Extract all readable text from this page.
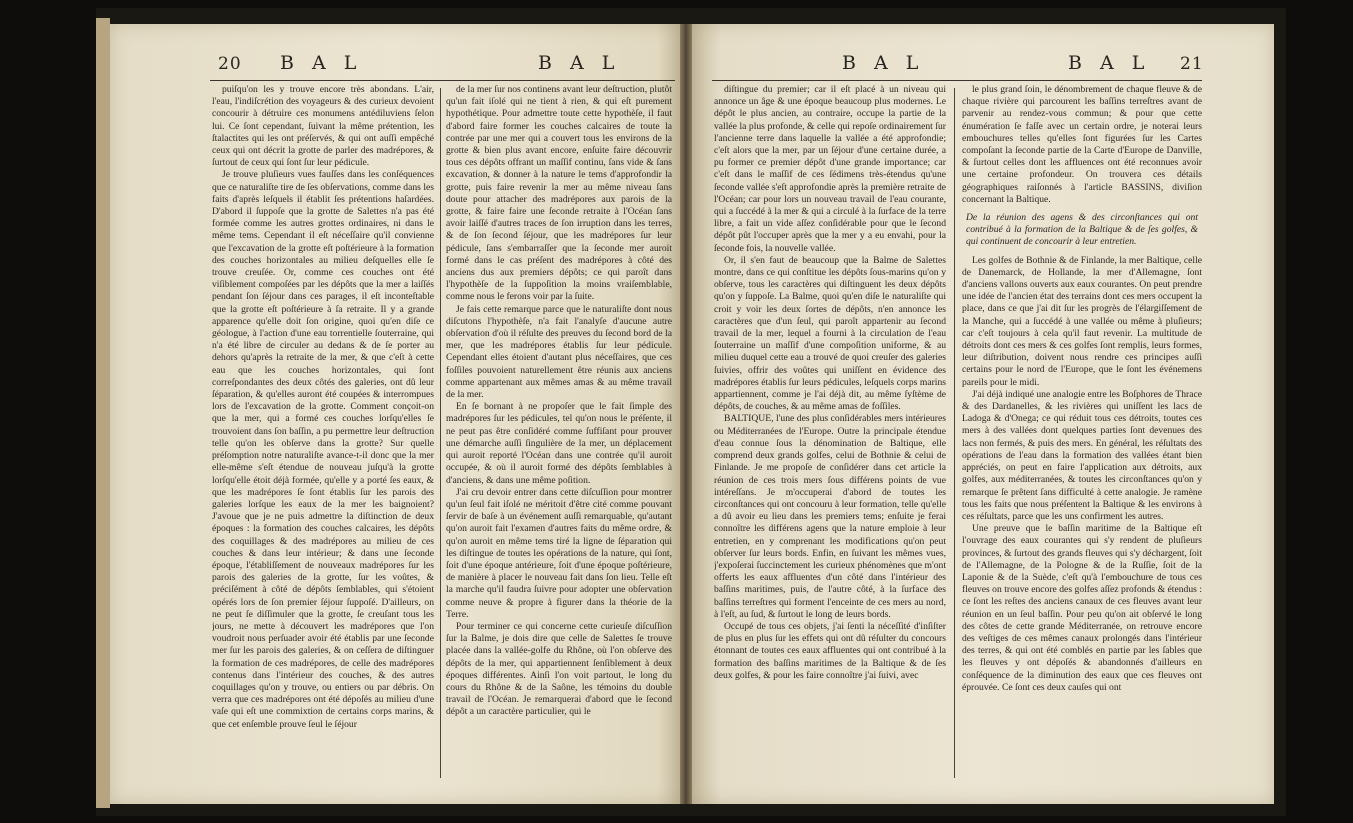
20 B A L	B A L

puiſqu'on les y trouve encore très abondans. L'air, l'eau, l'indiſcrétion des voyageurs & des curieux devoient concourir à détruire ces monumens antédiluviens ſelon lui. Ce ſont cependant, ſuivant la même prétention, les ſtalactites qui les ont préſervés, & qui ont auſſi empêché ceux qui ont décrit la grotte de parler des madrépores, & ſurtout de ceux qui ſont ſur leur pédicule.

Je trouve pluſieurs vues fauſſes dans les conſéquences que ce naturaliſte tire de ſes obſervations, comme dans les faits d'après leſquels il établit ſes prétentions haſardées. D'abord il ſuppoſe que la grotte de Salettes n'a pas été formée comme les autres grottes ordinaires, ni dans le même tems. Cependant il eſt néceſſaire qu'il convienne que l'excavation de la grotte eſt poſtérieure à la formation des couches horizontales au milieu deſquelles elle ſe trouve creuſée. Or, comme ces couches ont été viſiblement compoſées par les dépôts que la mer a laiſſés pendant ſon ſéjour dans ces parages, il eſt inconteſtable que la grotte eſt poſtérieure à ſa retraite. Il y a grande apparence qu'elle doit ſon origine, quoi qu'en diſe ce géologue, à l'action d'une eau torrentielle ſouterraine, qui n'a été libre de circuler au dedans & de ſe porter au dehors qu'après la retraite de la mer, & que c'eſt à cette eau que les couches horizontales, qui ſont correſpondantes des deux côtés des galeries, ont dû leur ſéparation, & qu'elles auront été coupées & interrompues lors de l'excavation de la grotte. Comment conçoit-on que la mer, qui a formé ces couches lorſqu'elles ſe trouvoient dans ſon baſſin, a pu permettre leur deſtruction telle qu'on les obſerve dans la grotte? Sur quelle préſomption notre naturaliſte avance-t-il donc que la mer elle-même s'eſt étendue de nouveau juſqu'à la grotte lorſqu'elle étoit déjà formée, qu'elle y a porté ſes eaux, & que les madrépores ſe ſont établis ſur les parois des galeries lorſque les eaux de la mer les baignoient? J'avoue que je ne puis admettre la diſtinction de deux époques : la formation des couches calcaires, les dépôts des coquillages & des madrépores au milieu de ces couches & dans leur intérieur; & dans une ſeconde époque, l'établiſſement de nouveaux madrépores ſur les parois des galeries de la grotte, ſur les voûtes, & préciſément à côté de dépôts ſemblables, qui s'étoient opérés lors de ſon premier ſéjour ſuppoſé. D'ailleurs, on ne peut ſe diſſimuler que la grotte, ſe creuſant tous les jours, ne mette à découvert les madrépores que l'on voudroit nous perſuader avoir été établis par une ſeconde mer ſur les parois des galeries, & on ceſſera de diſtinguer la formation de ces madrépores, de celle des madrépores contenus dans l'intérieur des couches, & des autres coquillages qu'on y trouve, ou entiers ou par débris. On verra que ces madrépores ont été dépoſés au milieu d'une vaſe qui eſt une commixtion de certains corps marins, & que cet enſemble prouve ſeul le ſéjour

de la mer ſur nos continens avant leur deſtruction, plutôt qu'un fait iſolé qui ne tient à rien, & qui eſt purement hypothétique. Pour admettre toute cette hypothèſe, il faut d'abord faire former les couches calcaires de toute la contrée par une mer qui a couvert tous les environs de la grotte & bien plus avant encore, enſuite faire découvrir tous ces dépôts offrant un maſſif continu, ſans vide & ſans excavation, & donner à la nature le tems d'approfondir la grotte, puis faire revenir la mer au même niveau ſans doute pour attacher des madrépores aux parois de la grotte, & faire faire une ſeconde retraite à l'Océan ſans avoir laiſſé d'autres traces de ſon irruption dans les terres, & de ſon ſecond ſéjour, que les madrépores ſur leur pédicule, ſans s'embarraſſer que la ſeconde mer auroit formé dans le cas préſent des madrépores à côté des anciens dus aux premiers dépôts; ce qui paroît dans l'hypothèſe de la ſuppoſition la moins vraiſemblable, comme nous le ferons voir par la ſuite.

Je fais cette remarque parce que le naturaliſte dont nous diſcutons l'hypothèſe, n'a fait l'analyſe d'aucune autre obſervation d'où il réſulte des preuves du ſecond bord de la mer, que les madrépores établis ſur leur pédicule. Cependant elles étoient d'autant plus néceſſaires, que ces foſſiles pouvoient naturellement être réunis aux anciens comme appartenant aux mêmes amas & au même travail de la mer.

En ſe bornant à ne propoſer que le fait ſimple des madrépores ſur les pédicules, tel qu'on nous le préſente, il ne peut pas être conſidéré comme ſuffiſant pour prouver une démarche auſſi ſingulière de la mer, un déplacement qui auroit reporté l'Océan dans une contrée qu'il auroit occupée, & où il auroit formé des dépôts ſemblables à d'anciens, & dans une même poſition.

J'ai cru devoir entrer dans cette diſcuſſion pour montrer qu'un ſeul fait iſolé ne méritoit d'être cité comme pouvant ſervir de baſe à un événement auſſi remarquable, qu'autant qu'on auroit fait l'examen d'autres faits du même ordre, & qu'on auroit en même tems tiré la ligne de ſéparation qui les diſtingue de toutes les opérations de la nature, qui ſont, ſoit d'une époque antérieure, ſoit d'une époque poſtérieure, de manière à placer le nouveau fait dans ſon lieu. Telle eſt la marche qu'il faudra ſuivre pour adopter une obſervation comme neuve & propre à figurer dans la théorie de la Terre.

Pour terminer ce qui concerne cette curieuſe diſcuſſion ſur la Balme, je dois dire que celle de Salettes ſe trouve placée dans la vallée-golfe du Rhône, où l'on obſerve des dépôts de la mer, qui appartiennent ſenſiblement à deux époques différentes. Ainſi l'on voit partout, le long du cours du Rhône & de la Saône, les témoins du double travail de l'Océan. Je remarquerai d'abord que le ſecond dépôt a un caractère particulier, qui le

B A L	B A L 21

diſtingue du premier; car il eſt placé à un niveau qui annonce un âge & une époque beaucoup plus modernes. Le dépôt le plus ancien, au contraire, occupe la partie de la vallée la plus profonde, & celle qui repoſe ordinairement ſur l'ancienne terre dans laquelle la vallée a été approfondie; c'eſt alors que la mer, par un ſéjour d'une certaine durée, a pu former ce premier dépôt d'une grande importance; car c'eſt dans le maſſif de ces ſédimens très-étendus qu'une ſeconde vallée s'eſt approfondie après la première retraite de l'Océan; car pour lors un nouveau travail de l'eau courante, qui a ſuccédé à la mer & qui a circulé à la ſurface de la terre libre, a fait un vide aſſez conſidérable pour que le ſecond dépôt pût l'occuper après que la mer y a eu envahi, pour la ſeconde fois, la nouvelle vallée.

Or, il s'en faut de beaucoup que la Balme de Salettes montre, dans ce qui conſtitue les dépôts ſous-marins qu'on y obſerve, tous les caractères qui diſtinguent les deux dépôts qu'on y ſuppoſe. La Balme, quoi qu'en diſe le naturaliſte qui croit y voir les deux ſortes de dépôts, n'en annonce les caractères que d'un ſeul, qui paroît appartenir au ſecond travail de la mer, lequel a fourni à la circulation de l'eau ſouterraine un maſſif d'une compoſition uniforme, & au milieu duquel cette eau a trouvé de quoi creuſer des galeries ſuivies, offrir des voûtes qui uniſſent en évidence des madrépores établis ſur leurs pédicules, leſquels corps marins appartiennent, comme je l'ai déjà dit, au même ſyſtème de dépôts, de couches, & au même amas de foſſiles.

BALTIQUE, l'une des plus conſidérables mers intérieures ou Méditerranées de l'Europe. Outre la principale étendue d'eau connue ſous la dénomination de Baltique, elle comprend deux grands golfes, celui de Bothnie & celui de Finlande. Je me propoſe de conſidérer dans cet article la réunion de ces trois mers ſous différens points de vue intéreſſans. Je m'occuperai d'abord de toutes les circonſtances qui ont concouru à leur formation, telle qu'elle a dû avoir eu lieu dans les premiers tems; enſuite je ferai connoître les différens agens que la nature emploie à leur entretien, en y comprenant les modifications qu'on peut obſerver ſur leurs bords. Enfin, en ſuivant les mêmes vues, j'expoſerai ſuccinctement les curieux phénomènes que m'ont offerts les eaux affluentes d'un côté dans l'intérieur des baſſins maritimes, puis, de l'autre côté, à la ſurface des baſſins terreſtres qui forment l'enceinte de ces mers au nord, à l'eſt, au ſud, & ſurtout le long de leurs bords.

Occupé de tous ces objets, j'ai ſenti la néceſſité d'inſiſter de plus en plus ſur les effets qui ont dû réſulter du concours étonnant de toutes ces eaux affluentes qui ont contribué à la formation des baſſins maritimes de la Baltique & de ſes deux golfes, & pour les faire connoître j'ai ſuivi, avec

le plus grand ſoin, le dénombrement de chaque fleuve & de chaque rivière qui parcourent les baſſins terreſtres avant de parvenir au rendez-vous commun; & pour que cette énumération ſe faſſe avec un certain ordre, je noterai leurs embouchures telles qu'elles ſont figurées ſur les Cartes compoſant la ſeconde partie de la Carte d'Europe de Danville, & ſurtout celles dont les affluences ont été reconnues avoir une certaine profondeur. On trouvera ces détails géographiques raiſonnés à l'article BASSINS, diviſion concernant la Baltique.

De la réunion des agens & des circonſtances qui ont contribué à la formation de la Baltique & de ſes golfes, & qui continuent de concourir à leur entretien.

Les golfes de Bothnie & de Finlande, la mer Baltique, celle de Danemarck, de Hollande, la mer d'Allemagne, ſont d'anciens vallons ouverts aux eaux courantes. On peut prendre une idée de l'ancien état des terrains dont ces mers occupent la place, dans ce que j'ai dit ſur les progrès de l'élargiſſement de la Manche, qui a ſuccédé à une vallée ou même à pluſieurs; car c'eſt toujours à cela qu'il faut revenir. La multitude de détroits dont ces mers & ces golfes ſont remplis, leurs formes, leur diſtribution, doivent nous rendre ces principes auſſi certains pour le nord de l'Europe, que le ſont les événemens pareils pour le midi.

J'ai déjà indiqué une analogie entre les Boſphores de Thrace & des Dardanelles, & les rivières qui uniſſent les lacs de Ladoga & d'Onega; ce qui réduit tous ces détroits, toutes ces mers à des vallées dont quelques parties ſont devenues des lacs non fermés, & puis des mers. En général, les réſultats des opérations de l'eau dans la formation des vallées étant bien appréciés, on peut en faire l'application aux détroits, aux golfes, aux méditerranées, & toutes les circonſtances qu'on y remarque ſe prêtent ſans difficulté à cette analogie. Je ramène tous les faits que nous préſentent la Baltique & les environs à ces réſultats, parce que les uns confirment les autres.

Une preuve que le baſſin maritime de la Baltique eſt l'ouvrage des eaux courantes qui s'y rendent de pluſieurs provinces, & ſurtout des grands fleuves qui s'y déchargent, ſoit de l'Allemagne, de la Pologne & de la Ruſſie, ſoit de la Laponie & de la Suède, c'eſt qu'à l'embouchure de tous ces fleuves on trouve encore des golfes aſſez profonds & étendus : ce ſont les reſtes des anciens canaux de ces fleuves avant leur réunion en un ſeul baſſin. Pour peu qu'on ait obſervé le long des côtes de cette grande Méditerranée, on retrouve encore des veſtiges de ces mêmes canaux prolongés dans l'intérieur des terres, & qui ont été comblés en partie par les ſables que les fleuves y ont dépoſés & abandonnés d'ailleurs en conſéquence de la diminution des eaux que ces fleuves ont éprouvée. Ce ſont ces deux cauſes qui ont
